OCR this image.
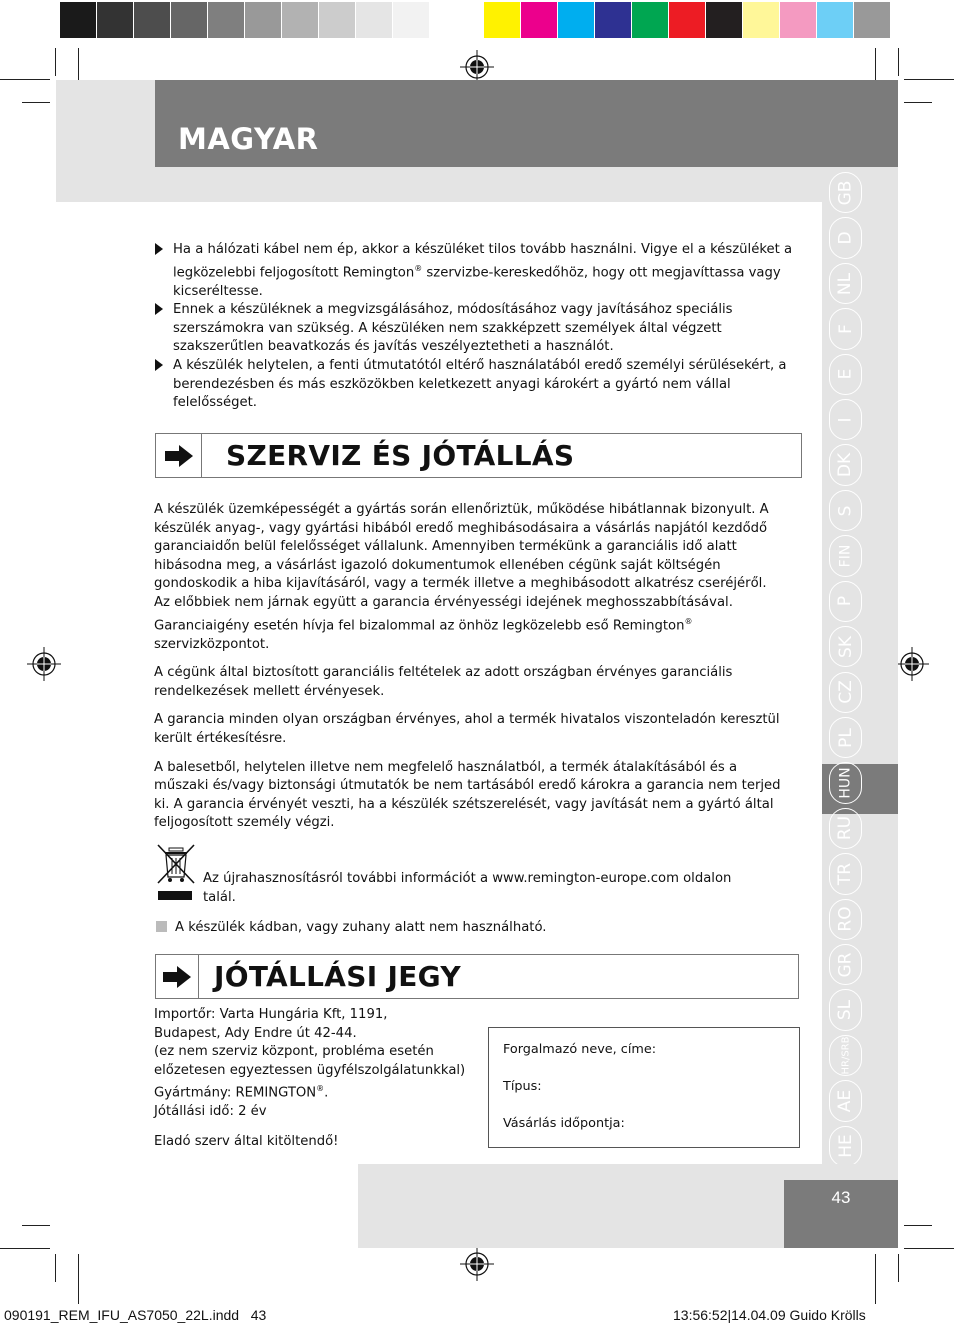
MAGYAR
GB
D
NL
F
E
I
DK
S
FIN
P
SK
CZ
PL
HUN
RU
TR
RO
GR
SL
HR/SRB
AE
HE
Ha a hálózati kábel nem ép, akkor a készüléket tilos tovább használni. Vigye el a készüléket a legközelebbi feljogosított Remington® szervizbe-kereskedőhöz, hogy ott megjavíttassa vagy kicseréltesse.
Ennek a készüléknek a megvizsgálásához, módosításához vagy javításához speciális szerszámokra van szükség. A készüléken nem szakképzett személyek által végzett szakszerűtlen beavatkozás és javítás veszélyeztetheti a használót.
A készülék helytelen, a fenti útmutatótól eltérő használatából eredő személyi sérülésekért, a berendezésben és más eszközökben keletkezett anyagi károkért a gyártó nem vállal felelősséget.
SZERVIZ ÉS JÓTÁLLÁS

A készülék üzemképességét a gyártás során ellenőriztük, működése hibátlannak bizonyult. A készülék anyag-, vagy gyártási hibából eredő meghibásodásaira a vásárlás napjától kezdődő garanciaidőn belül felelősséget vállalunk. Amennyiben termékünk a garanciális idő alatt hibásodna meg, a vásárlást igazoló dokumentumok ellenében cégünk saját költségén gondoskodik a hiba kijavításáról, vagy a termék illetve a meghibásodott alkatrész cseréjéről. Az előbbiek nem járnak együtt a garancia érvényességi idejének meghosszabbításával. Garanciaigény esetén hívja fel bizalommal az önhöz legközelebb eső Remington® szervizközpontot.

A cégünk által biztosított garanciális feltételek az adott országban érvényes garanciális rendelkezések mellett érvényesek.

A garancia minden olyan országban érvényes, ahol a termék hivatalos viszonteladón keresztül került értékesítésre.

A balesetből, helytelen illetve nem megfelelő használatból, a termék átalakításából és a műszaki és/vagy biztonsági útmutatók be nem tartásából eredő károkra a garancia nem terjed ki. A garancia érvényét veszti, ha a készülék szétszerelését, vagy javítását nem a gyártó által feljogosított személy végzi.

Az újrahasznosításról további információt a www.remington-europe.com oldalon talál.
A készülék kádban, vagy zuhany alatt nem használható.
JÓTÁLLÁSI JEGY
Importőr: Varta Hungária Kft, 1191,
Budapest, Ady Endre út 42-44.
(ez nem szerviz központ, probléma esetén
előzetesen egyeztessen ügyfélszolgálatunkkal)
Gyártmány: REMINGTON®.
Jótállási idő: 2 év
Eladó szerv által kitöltendő!
Forgalmazó neve, címe:
Típus:
Vásárlás időpontja:
43
090191_REM_IFU_AS7050_22L.indd   43	13:56:52|14.04.09 Guido Krölls
